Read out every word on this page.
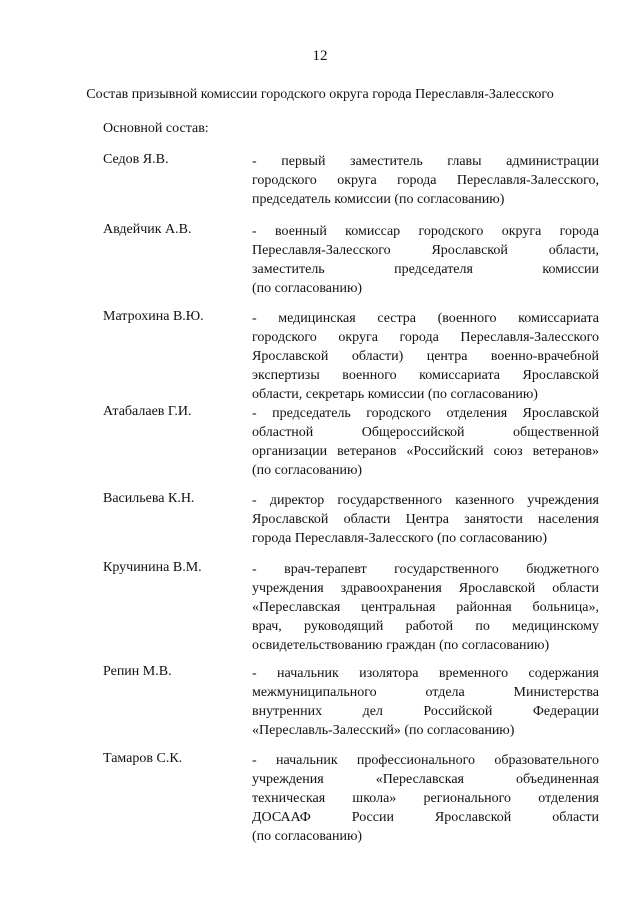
12
Состав призывной комиссии городского округа города Переславля-Залесского
Основной состав:
Седов Я.В.	- первый заместитель главы администрации
городского округа города Переславля-Залесского,
председатель комиссии (по согласованию)
Авдейчик А.В.	- военный комиссар городского округа города
Переславля-Залесского Ярославской области,
заместитель председателя комиссии
(по согласованию)
Матрохина В.Ю.	- медицинская сестра (военного комиссариата
городского округа города Переславля-Залесского
Ярославской области) центра военно-врачебной
экспертизы военного комиссариата Ярославской
области, секретарь комиссии (по согласованию)
Атабалаев Г.И.	- председатель городского отделения Ярославской
областной Общероссийской общественной
организации ветеранов «Российский союз ветеранов»
(по согласованию)
Васильева К.Н.	- директор государственного казенного учреждения
Ярославской области Центра занятости населения
города Переславля-Залесского (по согласованию)
Кручинина В.М.	- врач-терапевт государственного бюджетного
учреждения здравоохранения Ярославской области
«Переславская центральная районная больница»,
врач, руководящий работой по медицинскому
освидетельствованию граждан (по согласованию)
Репин М.В.	- начальник изолятора временного содержания
межмуниципального отдела Министерства
внутренних дел Российской Федерации
«Переславль-Залесский» (по согласованию)
Тамаров С.К.	- начальник профессионального образовательного
учреждения «Переславская объединенная
техническая школа» регионального отделения
ДОСААФ России Ярославской области
(по согласованию)
